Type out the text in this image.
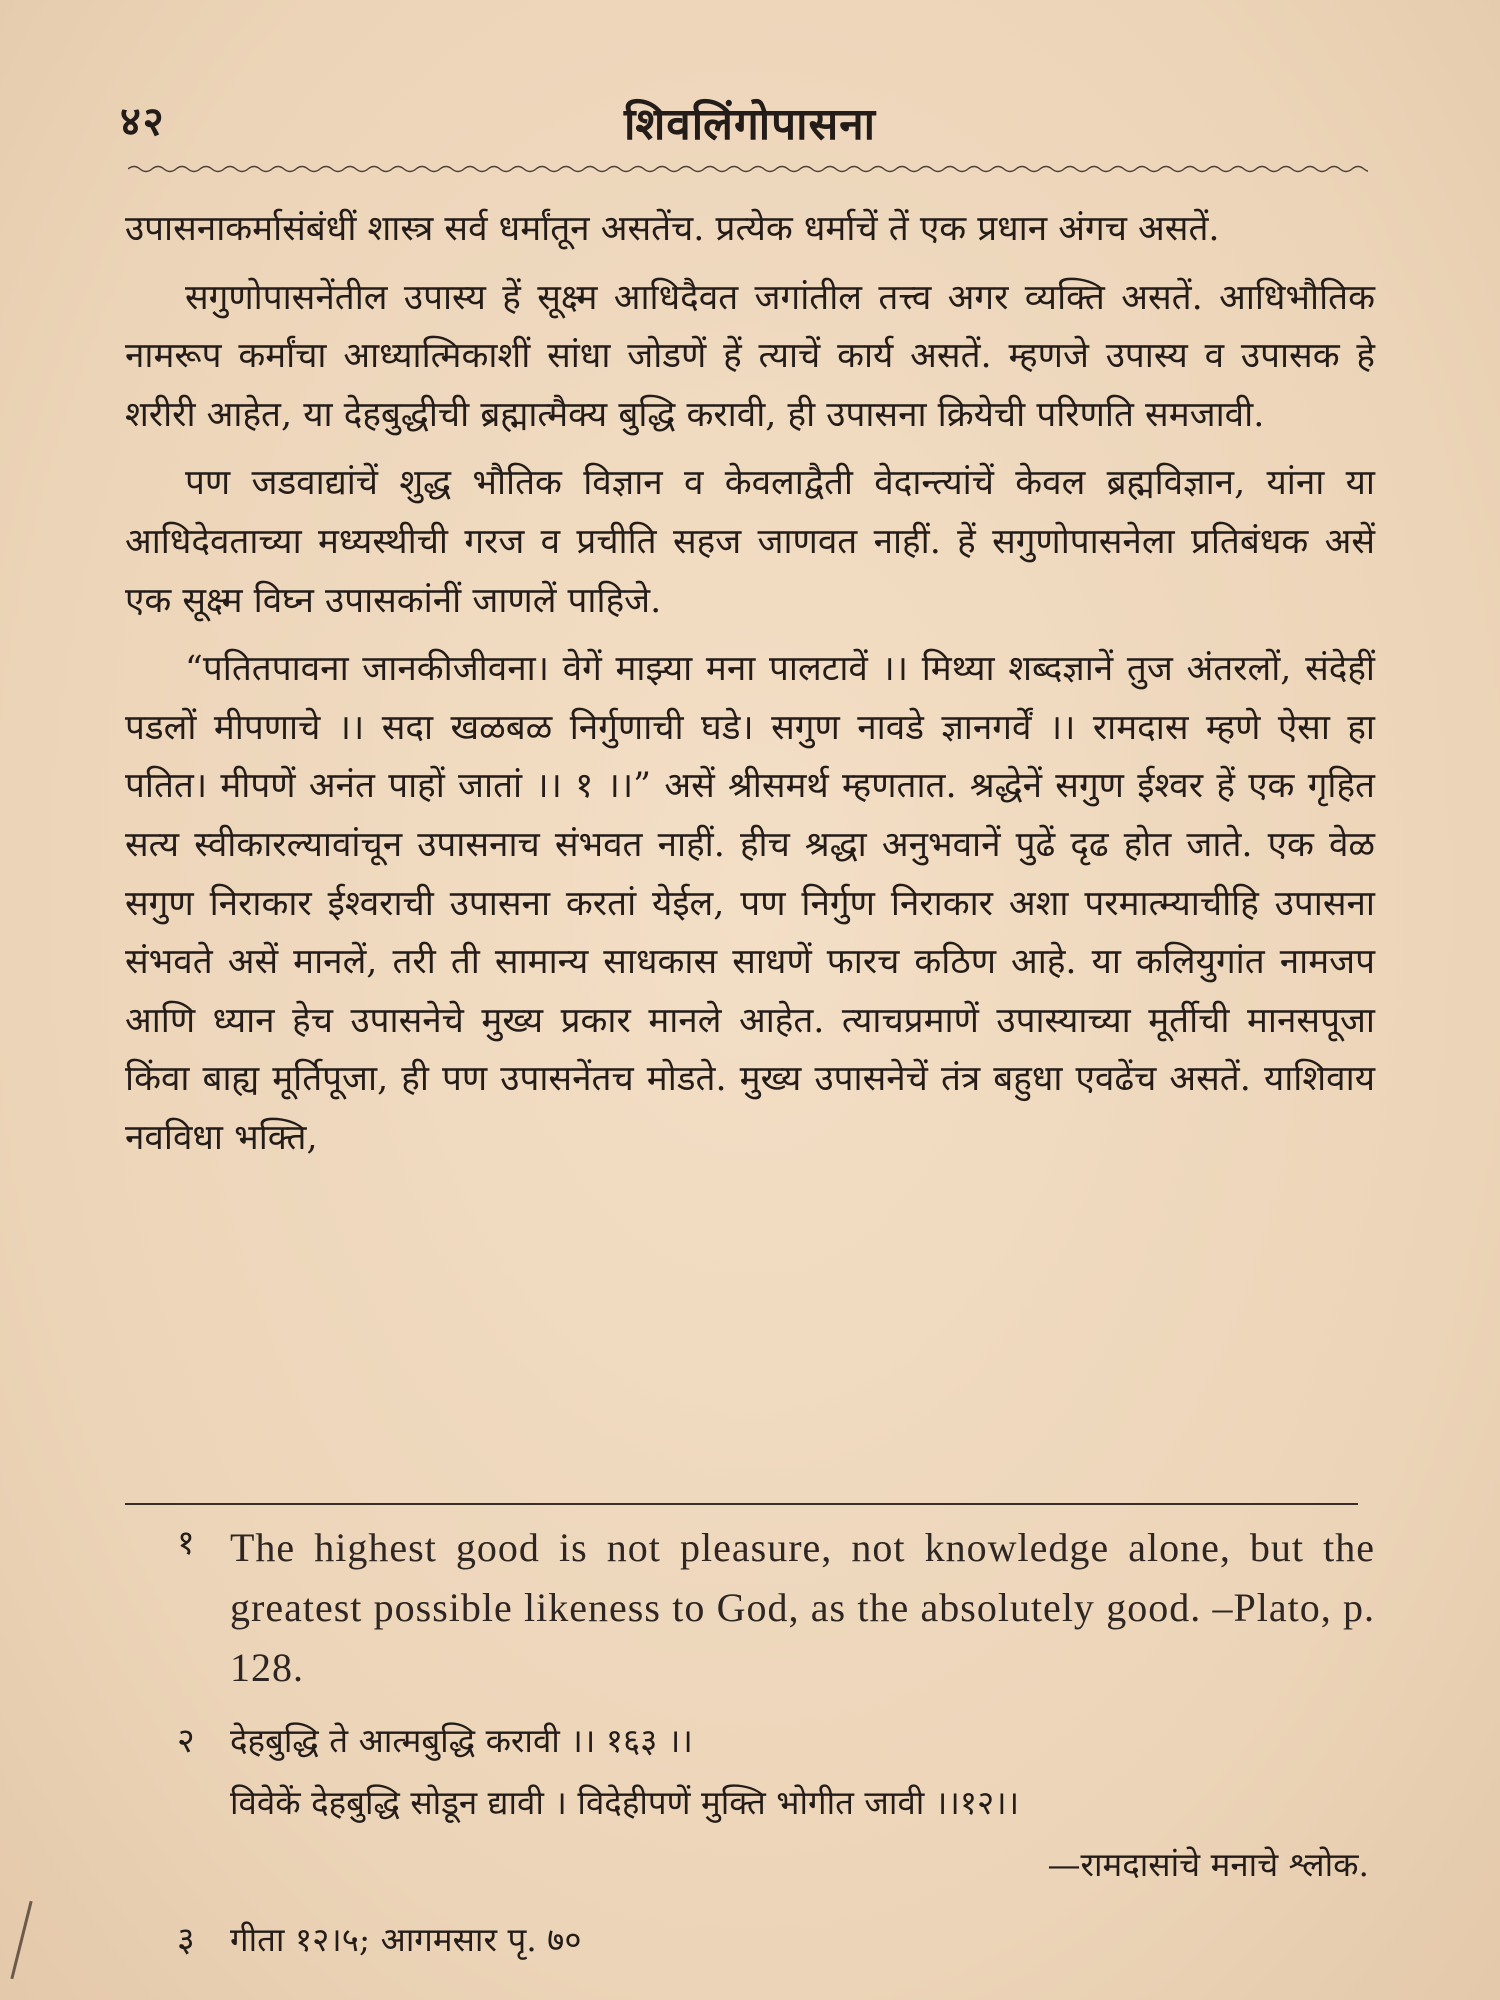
४२	शिवलिंगोपासना

उपासनाकर्मासंबंधीं शास्त्र सर्व धर्मांतून असतेंच. प्रत्येक धर्माचें तें एक प्रधान अंगच असतें.

सगुणोपासनेंतील उपास्य हें सूक्ष्म आधिदैवत जगांतील तत्त्व अगर व्यक्ति असतें. आधिभौतिक नामरूप कर्मांचा आध्यात्मिकाशीं सांधा जोडणें हें त्याचें कार्य असतें. म्हणजे उपास्य व उपासक हे शरीरी आहेत, या देहबुद्धीची ब्रह्मात्मैक्य बुद्धि करावी, ही उपासना क्रियेची परिणति समजावी.

पण जडवाद्यांचें शुद्ध भौतिक विज्ञान व केवलाद्वैती वेदान्त्यांचें केवल ब्रह्मविज्ञान, यांना या आधिदेवताच्या मध्यस्थीची गरज व प्रचीति सहज जाणवत नाहीं. हें सगुणोपासनेला प्रतिबंधक असें एक सूक्ष्म विघ्न उपासकांनीं जाणलें पाहिजे.

“पतितपावना जानकीजीवना। वेगें माझ्या मना पालटावें ।। मिथ्या शब्दज्ञानें तुज अंतरलों, संदेहीं पडलों मीपणाचे ।। सदा खळबळ निर्गुणाची घडे। सगुण नावडे ज्ञानगर्वें ।। रामदास म्हणे ऐसा हा पतित। मीपणें अनंत पाहों जातां ।। १ ।।” असें श्रीसमर्थ म्हणतात. श्रद्धेनें सगुण ईश्वर हें एक गृहित सत्य स्वीकारल्यावांचून उपासनाच संभवत नाहीं. हीच श्रद्धा अनुभवानें पुढें दृढ होत जाते. एक वेळ सगुण निराकार ईश्वराची उपासना करतां येईल, पण निर्गुण निराकार अशा परमात्म्याचीहि उपासना संभवते असें मानलें, तरी ती सामान्य साधकास साधणें फारच कठिण आहे. या कलियुगांत नामजप आणि ध्यान हेच उपासनेचे मुख्य प्रकार मानले आहेत. त्याचप्रमाणें उपास्याच्या मूर्तीची मानसपूजा किंवा बाह्य मूर्तिपूजा, ही पण उपासनेंतच मोडते. मुख्य उपासनेचें तंत्र बहुधा एवढेंच असतें. याशिवाय नवविधा भक्ति,

१ The highest good is not pleasure, not knowledge alone, but the greatest possible likeness to God, as the absolutely good. –Plato, p. 128.
२ देहबुद्धि ते आत्मबुद्धि करावी ।। १६३ ।।
विवेकें देहबुद्धि सोडून द्यावी । विदेहीपणें मुक्ति भोगीत जावी ।।१२।।
—रामदासांचे मनाचे श्लोक.
३ गीता १२।५; आगमसार पृ. ७०
